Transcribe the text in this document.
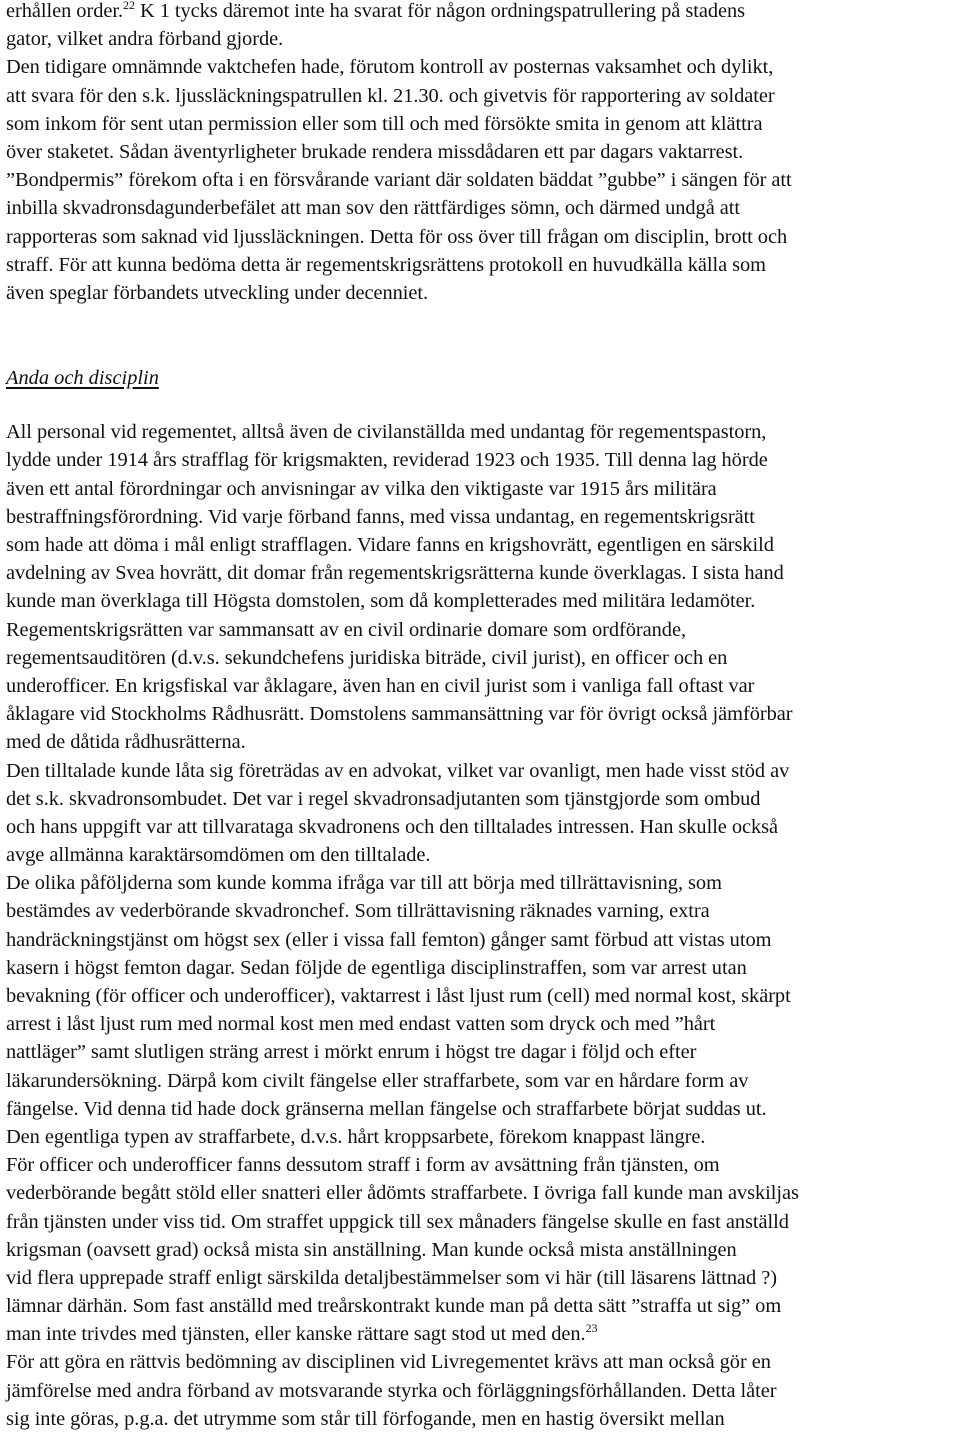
erhållen order.$^{22}$ K 1 tycks däremot inte ha svarat för någon ordningspatrullering på stadens
gator, vilket andra förband gjorde.
Den tidigare omnämnde vaktchefen hade, förutom kontroll av posternas vaksamhet och dylikt,
att svara för den s.k. ljussläckningspatrullen kl. 21.30. och givetvis för rapportering av soldater
som inkom för sent utan permission eller som till och med försökte smita in genom att klättra
över staketet. Sådan äventyrligheter brukade rendera missdådaren ett par dagars vaktarrest.
”Bondpermis” förekom ofta i en försvårande variant där soldaten bäddat ”gubbe” i sängen för att
inbilla skvadronsdagunderbefälet att man sov den rättfärdiges sömn, och därmed undgå att
rapporteras som saknad vid ljussläckningen. Detta för oss över till frågan om disciplin, brott och
straff. För att kunna bedöma detta är regementskrigsrättens protokoll en huvudkälla källa som
även speglar förbandets utveckling under decenniet.
Anda och disciplin
All personal vid regementet, alltså även de civilanställda med undantag för regementspastorn,
lydde under 1914 års strafflag för krigsmakten, reviderad 1923 och 1935. Till denna lag hörde
även ett antal förordningar och anvisningar av vilka den viktigaste var 1915 års militära
bestraffningsförordning. Vid varje förband fanns, med vissa undantag, en regementskrigsrätt
som hade att döma i mål enligt strafflagen. Vidare fanns en krigshovrätt, egentligen en särskild
avdelning av Svea hovrätt, dit domar från regementskrigsrätterna kunde överklagas. I sista hand
kunde man överklaga till Högsta domstolen, som då kompletterades med militära ledamöter.
Regementskrigsrätten var sammansatt av en civil ordinarie domare som ordförande,
regementsauditören (d.v.s. sekundchefens juridiska biträde, civil jurist), en officer och en
underofficer. En krigsfiskal var åklagare, även han en civil jurist som i vanliga fall oftast var
åklagare vid Stockholms Rådhusrätt. Domstolens sammansättning var för övrigt också jämförbar
med de dåtida rådhusrätterna.
Den tilltalade kunde låta sig företrädas av en advokat, vilket var ovanligt, men hade visst stöd av
det s.k. skvadronsombudet. Det var i regel skvadronsadjutanten som tjänstgjorde som ombud
och hans uppgift var att tillvarataga skvadronens och den tilltalades intressen. Han skulle också
avge allmänna karaktärsomdömen om den tilltalade.
De olika påföljderna som kunde komma ifråga var till att börja med tillrättavisning, som
bestämdes av vederbörande skvadronchef. Som tillrättavisning räknades varning, extra
handräckningstjänst om högst sex (eller i vissa fall femton) gånger samt förbud att vistas utom
kasern i högst femton dagar. Sedan följde de egentliga disciplinstraffen, som var arrest utan
bevakning (för officer och underofficer), vaktarrest i låst ljust rum (cell) med normal kost, skärpt
arrest i låst ljust rum med normal kost men med endast vatten som dryck och med ”hårt
nattläger” samt slutligen sträng arrest i mörkt enrum i högst tre dagar i följd och efter
läkarundersökning. Därpå kom civilt fängelse eller straffarbete, som var en hårdare form av
fängelse. Vid denna tid hade dock gränserna mellan fängelse och straffarbete börjat suddas ut.
Den egentliga typen av straffarbete, d.v.s. hårt kroppsarbete, förekom knappast längre.
För officer och underofficer fanns dessutom straff i form av avsättning från tjänsten, om
vederbörande begått stöld eller snatteri eller ådömts straffarbete. I övriga fall kunde man avskiljas
från tjänsten under viss tid. Om straffet uppgick till sex månaders fängelse skulle en fast anställd
krigsman (oavsett grad) också mista sin anställning. Man kunde också mista anställningen
vid flera upprepade straff enligt särskilda detaljbestämmelser som vi här (till läsarens lättnad ?)
lämnar därhän. Som fast anställd med treårskontrakt kunde man på detta sätt ”straffa ut sig” om
man inte trivdes med tjänsten, eller kanske rättare sagt stod ut med den.$^{23}$
För att göra en rättvis bedömning av disciplinen vid Livregementet krävs att man också gör en
jämförelse med andra förband av motsvarande styrka och förläggningsförhållanden. Detta låter
sig inte göras, p.g.a. det utrymme som står till förfogande, men en hastig översikt mellan
